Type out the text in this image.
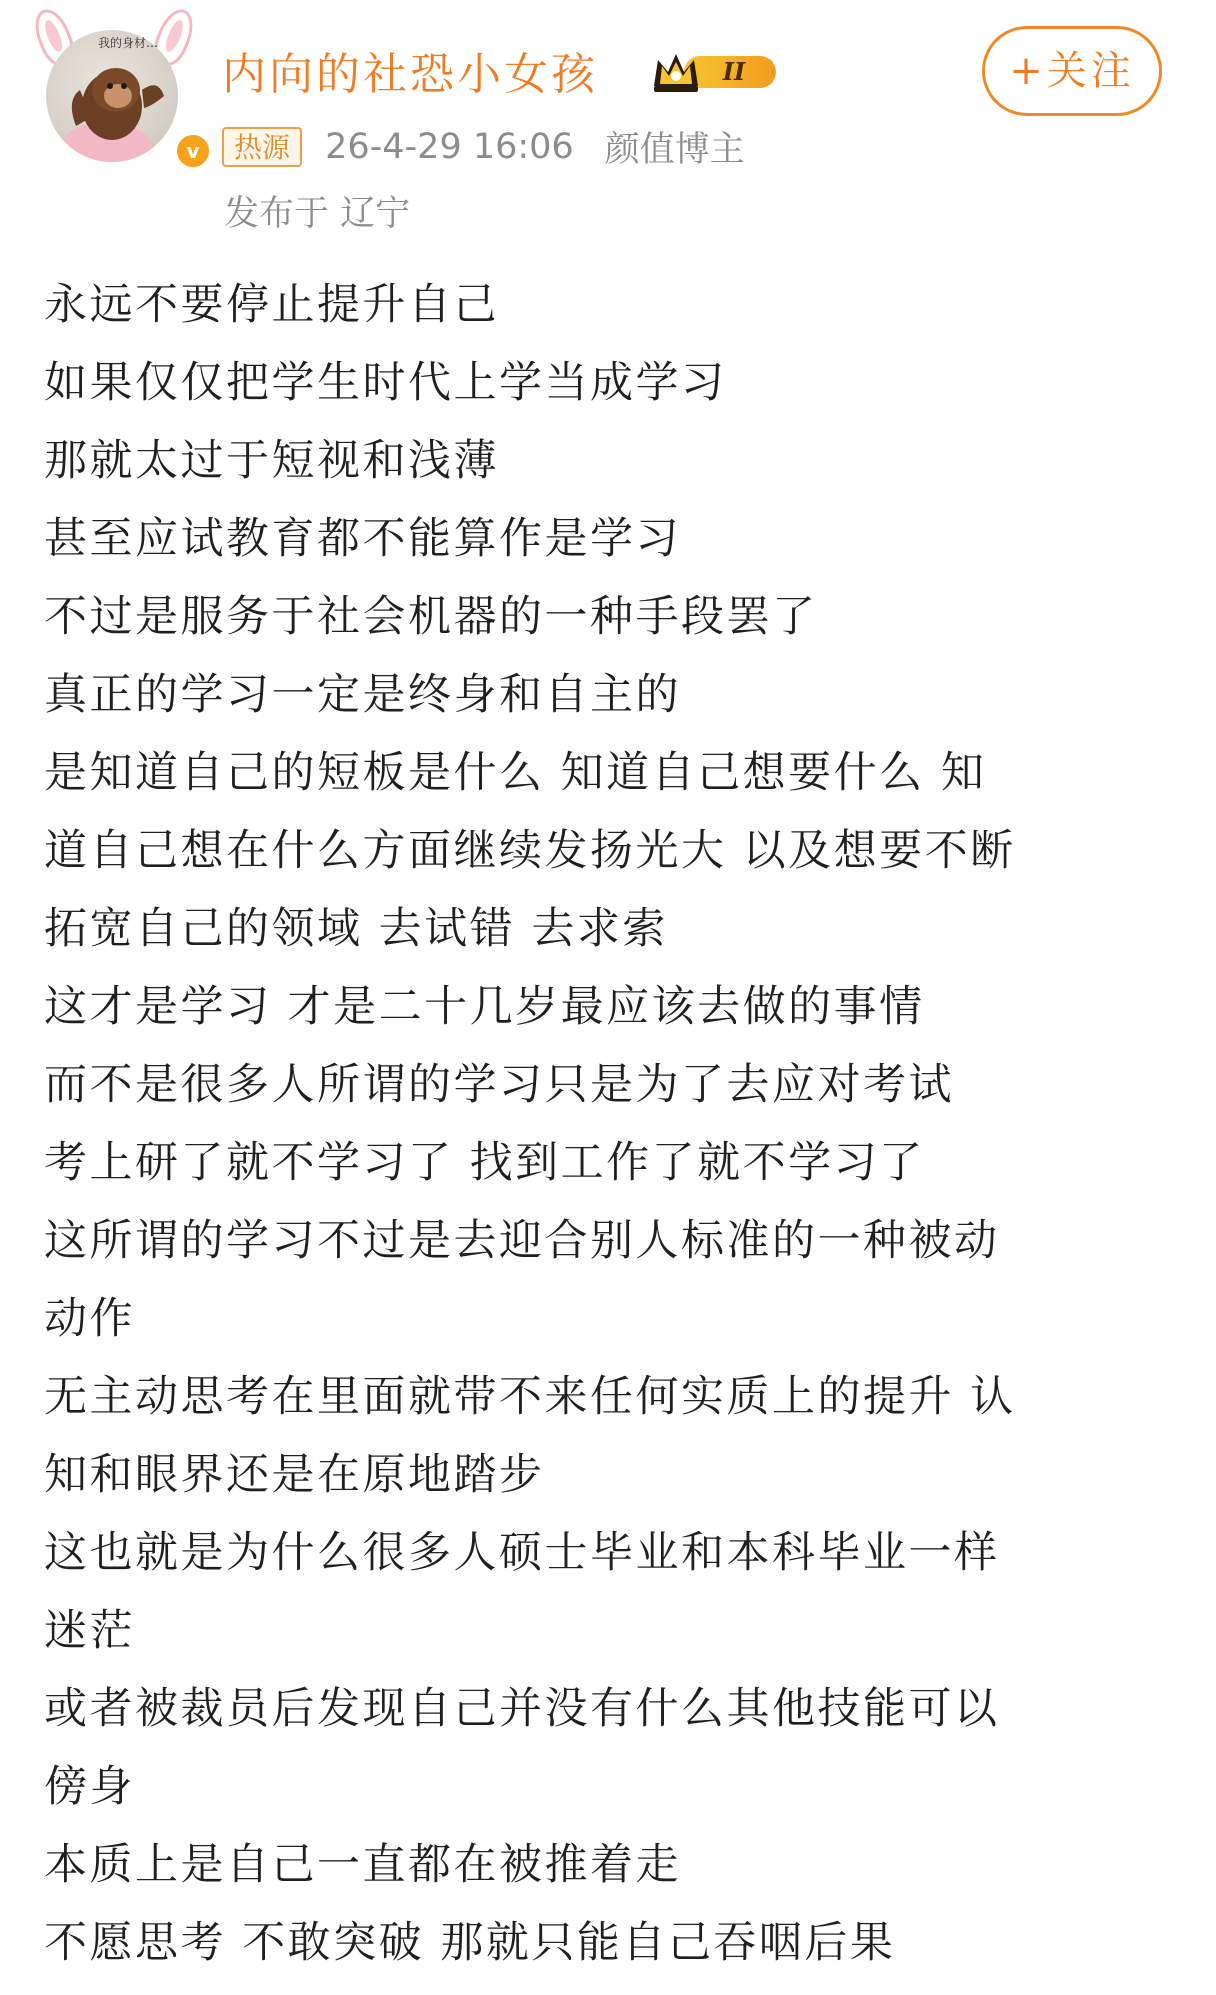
我的身材…
v
内向的社恐小女孩	II	+关注
热源 26-4-29 16:06 颜值博主
发布于 辽宁
永远不要停止提升自己
如果仅仅把学生时代上学当成学习
那就太过于短视和浅薄
甚至应试教育都不能算作是学习
不过是服务于社会机器的一种手段罢了
真正的学习一定是终身和自主的
是知道自己的短板是什么 知道自己想要什么 知
道自己想在什么方面继续发扬光大 以及想要不断
拓宽自己的领域 去试错 去求索
这才是学习 才是二十几岁最应该去做的事情
而不是很多人所谓的学习只是为了去应对考试
考上研了就不学习了 找到工作了就不学习了
这所谓的学习不过是去迎合别人标准的一种被动
动作
无主动思考在里面就带不来任何实质上的提升 认
知和眼界还是在原地踏步
这也就是为什么很多人硕士毕业和本科毕业一样
迷茫
或者被裁员后发现自己并没有什么其他技能可以
傍身
本质上是自己一直都在被推着走
不愿思考 不敢突破 那就只能自己吞咽后果
